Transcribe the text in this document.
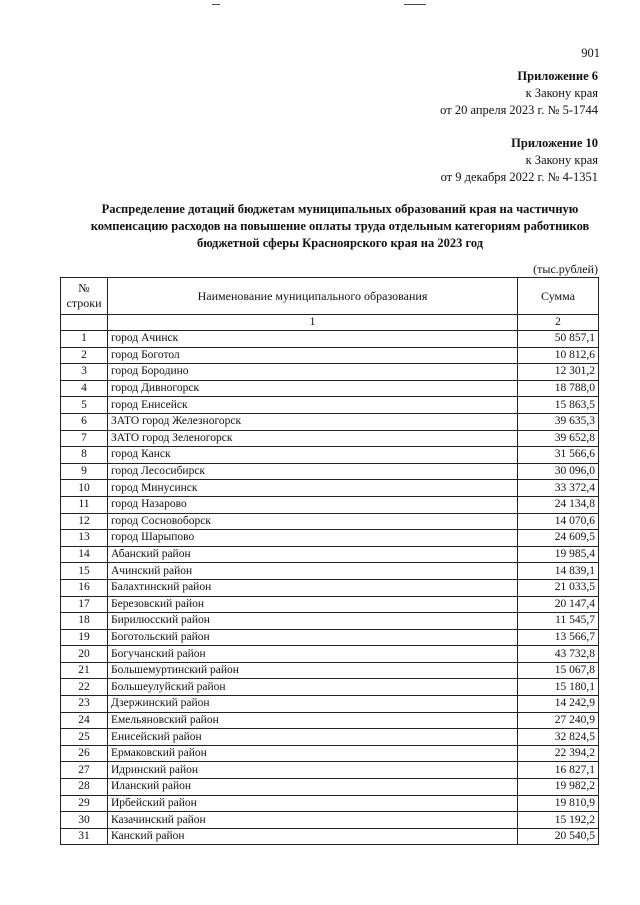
901
Приложение 6
к Закону края
от 20 апреля 2023 г. № 5-1744
Приложение 10
к Закону края
от 9 декабря 2022 г. № 4-1351
Распределение дотаций бюджетам муниципальных образований края на частичную
компенсацию расходов на повышение оплаты труда отдельным категориям работников
бюджетной сферы Красноярского края на 2023 год
(тыс.рублей)
№
строки	Наименование муниципального образования	Сумма
	1	2
1	город Ачинск	50 857,1
2	город Боготол	10 812,6
3	город Бородино	12 301,2
4	город Дивногорск	18 788,0
5	город Енисейск	15 863,5
6	ЗАТО город Железногорск	39 635,3
7	ЗАТО город Зеленогорск	39 652,8
8	город Канск	31 566,6
9	город Лесосибирск	30 096,0
10	город Минусинск	33 372,4
11	город Назарово	24 134,8
12	город Сосновоборск	14 070,6
13	город Шарыпово	24 609,5
14	Абанский район	19 985,4
15	Ачинский район	14 839,1
16	Балахтинский район	21 033,5
17	Березовский район	20 147,4
18	Бирилюсский район	11 545,7
19	Боготольский район	13 566,7
20	Богучанский район	43 732,8
21	Большемуртинский район	15 067,8
22	Большеулуйский район	15 180,1
23	Дзержинский район	14 242,9
24	Емельяновский район	27 240,9
25	Енисейский район	32 824,5
26	Ермаковский район	22 394,2
27	Идринский район	16 827,1
28	Иланский район	19 982,2
29	Ирбейский район	19 810,9
30	Казачинский район	15 192,2
31	Канский район	20 540,5
